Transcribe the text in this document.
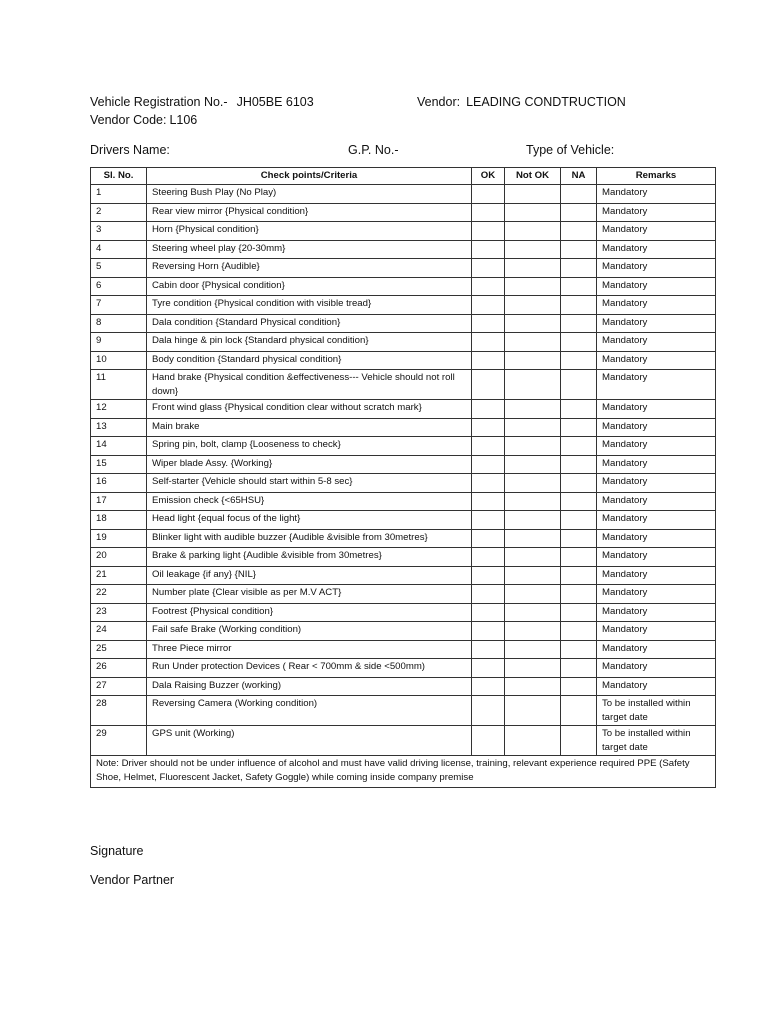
Vehicle Registration No.- JH05BE 6103	Vendor: LEADING CONDTRUCTION
Vendor Code: L106
Drivers Name:	G.P. No.-	Type of Vehicle:
Sl. No.	Check points/Criteria	OK	Not OK	NA	Remarks
1	Steering Bush Play (No Play)				Mandatory
2	Rear view mirror {Physical condition}				Mandatory
3	Horn {Physical condition}				Mandatory
4	Steering wheel play {20-30mm}				Mandatory
5	Reversing Horn {Audible}				Mandatory
6	Cabin door {Physical condition}				Mandatory
7	Tyre condition {Physical condition with visible tread}				Mandatory
8	Dala condition {Standard Physical condition}				Mandatory
9	Dala hinge & pin lock {Standard physical condition}				Mandatory
10	Body condition {Standard physical condition}				Mandatory
11	Hand brake {Physical condition &effectiveness--- Vehicle should not roll down}				Mandatory
12	Front wind glass {Physical condition clear without scratch mark}				Mandatory
13	Main brake				Mandatory
14	Spring pin, bolt, clamp {Looseness to check}				Mandatory
15	Wiper blade Assy. {Working}				Mandatory
16	Self-starter {Vehicle should start within 5-8 sec}				Mandatory
17	Emission check {<65HSU}				Mandatory
18	Head light {equal focus of the light}				Mandatory
19	Blinker light with audible buzzer {Audible &visible from 30metres}				Mandatory
20	Brake & parking light {Audible &visible from 30metres}				Mandatory
21	Oil leakage {if any} {NIL}				Mandatory
22	Number plate {Clear visible as per M.V ACT}				Mandatory
23	Footrest {Physical condition}				Mandatory
24	Fail safe Brake (Working condition)				Mandatory
25	Three Piece mirror				Mandatory
26	Run Under protection Devices ( Rear < 700mm & side <500mm)				Mandatory
27	Dala Raising Buzzer (working)				Mandatory
28	Reversing Camera (Working condition)				To be installed within target date
29	GPS unit (Working)				To be installed within target date
Note: Driver should not be under influence of alcohol and must have valid driving license, training, relevant experience required PPE (Safety Shoe, Helmet, Fluorescent Jacket, Safety Goggle) while coming inside company premise					
Signature
Vendor Partner
